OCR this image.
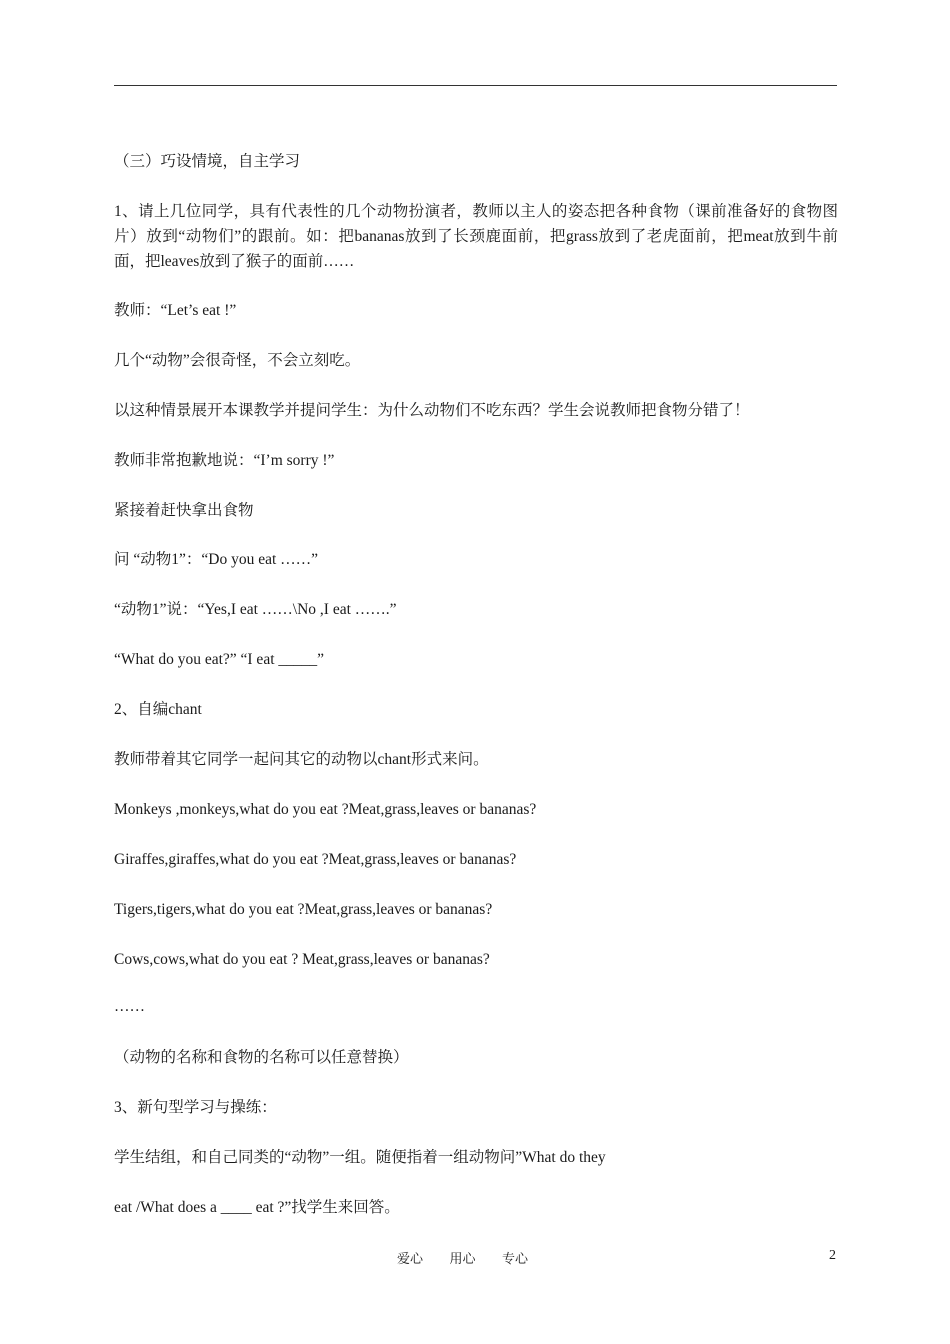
（三）巧设情境，自主学习
1、请上几位同学，具有代表性的几个动物扮演者，教师以主人的姿态把各种食物（课前准备好的食物图片）放到“动物们”的跟前。如：把bananas放到了长颈鹿面前，把grass放到了老虎面前，把meat放到牛前面，把leaves放到了猴子的面前……
教师：“Let’s eat !”
几个“动物”会很奇怪，不会立刻吃。
以这种情景展开本课教学并提问学生：为什么动物们不吃东西？学生会说教师把食物分错了！
教师非常抱歉地说：“I’m sorry !”
紧接着赶快拿出食物
问 “动物1”：“Do you eat ……”
“动物1”说：“Yes,I eat ……\No ,I eat …….”
“What do you eat?” “I eat _____”
2、自编chant
教师带着其它同学一起问其它的动物以chant形式来问。
Monkeys ,monkeys,what do you eat ?Meat,grass,leaves or bananas?
Giraffes,giraffes,what do you eat ?Meat,grass,leaves or bananas?
Tigers,tigers,what do you eat ?Meat,grass,leaves or bananas?
Cows,cows,what do you eat ? Meat,grass,leaves or bananas?
……
（动物的名称和食物的名称可以任意替换）
3、新句型学习与操练：
学生结组，和自己同类的“动物”一组。随便指着一组动物问”What do they
eat /What does a ____ eat ?”找学生来回答。
爱心  用心  专心	2
